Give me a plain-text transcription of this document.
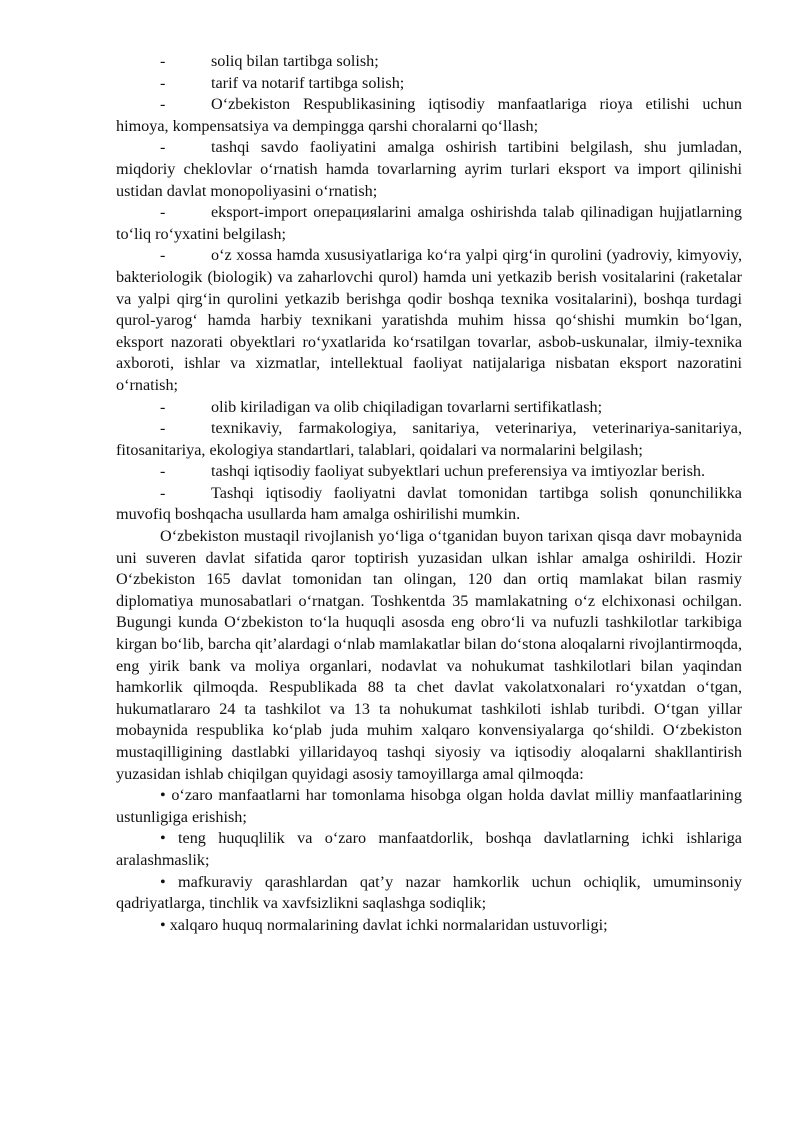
-	soliq bilan tartibga solish;

-	tarif va notarif tartibga solish;

-	O‘zbekiston Respublikasining iqtisodiy manfaatlariga rioya etilishi uchun himoya, kompensatsiya va dempingga qarshi choralarni qo‘llash;

-	tashqi savdo faoliyatini amalga oshirish tartibini belgilash, shu jumladan, miqdoriy cheklovlar o‘rnatish hamda tovarlarning ayrim turlari eksport va import qilinishi ustidan davlat monopoliyasini o‘rnatish;

-	eksport-import операцияlarini amalga oshirishda talab qilinadigan hujjatlarning to‘liq ro‘yxatini belgilash;

-	o‘z xossa hamda xususiyatlariga ko‘ra yalpi qirg‘in qurolini (yadroviy, kimyoviy, bakteriologik (biologik) va zaharlovchi qurol) hamda uni yetkazib berish vositalarini (raketalar va yalpi qirg‘in qurolini yetkazib berishga qodir boshqa texnika vositalarini), boshqa turdagi qurol-yarog‘ hamda harbiy texnikani yaratishda muhim hissa qo‘shishi mumkin bo‘lgan, eksport nazorati obyektlari ro‘yxatlarida ko‘rsatilgan tovarlar, asbob-uskunalar, ilmiy-texnika axboroti, ishlar va xizmatlar, intellektual faoliyat natijalariga nisbatan eksport nazoratini o‘rnatish;

-	olib kiriladigan va olib chiqiladigan tovarlarni sertifikatlash;

-	texnikaviy, farmakologiya, sanitariya, veterinariya, veterinariya-sanitariya, fitosanitariya, ekologiya standartlari, talablari, qoidalari va normalarini belgilash;

-	tashqi iqtisodiy faoliyat subyektlari uchun preferensiya va imtiyozlar berish.

-	Tashqi iqtisodiy faoliyatni davlat tomonidan tartibga solish qonunchilikka muvofiq boshqacha usullarda ham amalga oshirilishi mumkin.

O‘zbekiston mustaqil rivojlanish yo‘liga o‘tganidan buyon tarixan qisqa davr mobaynida uni suveren davlat sifatida qaror toptirish yuzasidan ulkan ishlar amalga oshirildi. Hozir O‘zbekiston 165 davlat tomonidan tan olingan, 120 dan ortiq mamlakat bilan rasmiy diplomatiya munosabatlari o‘rnatgan. Toshkentda 35 mamlakatning o‘z elchixonasi ochilgan. Bugungi kunda O‘zbekiston to‘la huquqli asosda eng obro‘li va nufuzli tashkilotlar tarkibiga kirgan bo‘lib, barcha qit’alardagi o‘nlab mamlakatlar bilan do‘stona aloqalarni rivojlantirmoqda, eng yirik bank va moliya organlari, nodavlat va nohukumat tashkilotlari bilan yaqindan hamkorlik qilmoqda. Respublikada 88 ta chet davlat vakolatxonalari ro‘yxatdan o‘tgan, hukumatlararo 24 ta tashkilot va 13 ta nohukumat tashkiloti ishlab turibdi. O‘tgan yillar mobaynida respublika ko‘plab juda muhim xalqaro konvensiyalarga qo‘shildi. O‘zbekiston mustaqilligining dastlabki yillaridayoq tashqi siyosiy va iqtisodiy aloqalarni shakllantirish yuzasidan ishlab chiqilgan quyidagi asosiy tamoyillarga amal qilmoqda:

• o‘zaro manfaatlarni har tomonlama hisobga olgan holda davlat milliy manfaatlarining ustunligiga erishish;

• teng huquqlilik va o‘zaro manfaatdorlik, boshqa davlatlarning ichki ishlariga aralashmaslik;

• mafkuraviy qarashlardan qat’y nazar hamkorlik uchun ochiqlik, umuminsoniy qadriyatlarga, tinchlik va xavfsizlikni saqlashga sodiqlik;

• xalqaro huquq normalarining davlat ichki normalaridan ustuvorligi;
